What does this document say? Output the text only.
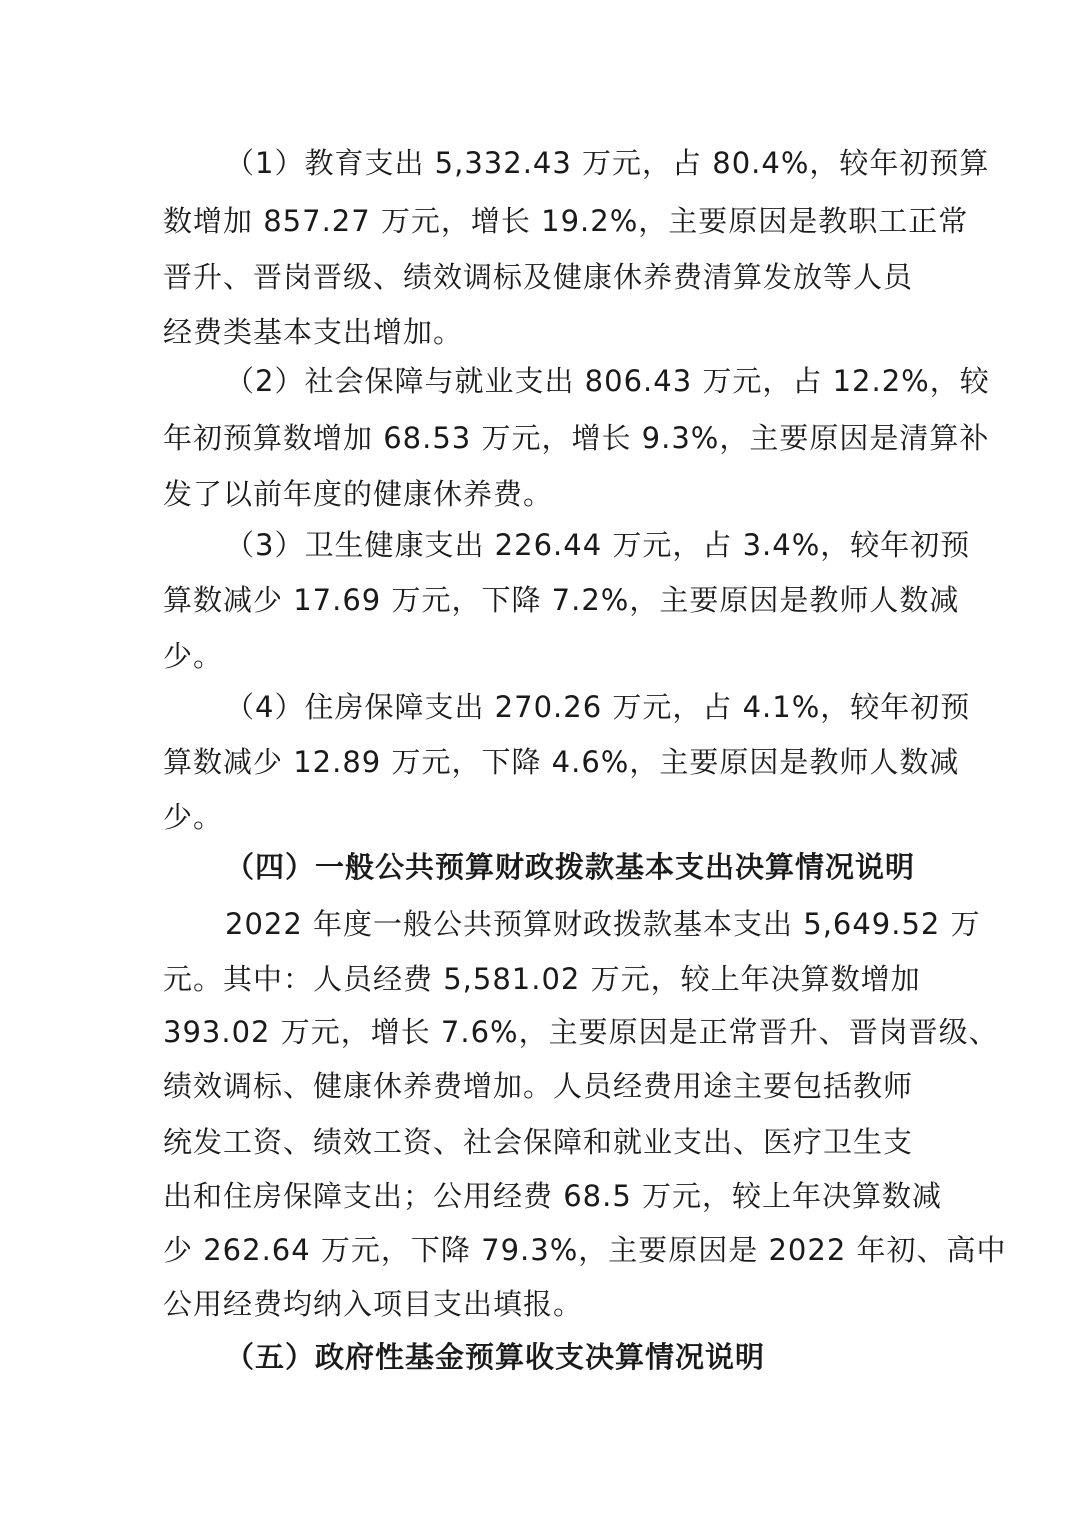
（1）教育支出 5,332.43 万元，占 80.4%，较年初预算
数增加 857.27 万元，增长 19.2%，主要原因是教职工正常
晋升、晋岗晋级、绩效调标及健康休养费清算发放等人员
经费类基本支出增加。
（2）社会保障与就业支出 806.43 万元，占 12.2%，较
年初预算数增加 68.53 万元，增长 9.3%，主要原因是清算补
发了以前年度的健康休养费。
（3）卫生健康支出 226.44 万元，占 3.4%，较年初预
算数减少 17.69 万元，下降 7.2%，主要原因是教师人数减
少。
（4）住房保障支出 270.26 万元，占 4.1%，较年初预
算数减少 12.89 万元，下降 4.6%，主要原因是教师人数减
少。
（四）一般公共预算财政拨款基本支出决算情况说明
2022 年度一般公共预算财政拨款基本支出 5,649.52 万
元。其中：人员经费 5,581.02 万元，较上年决算数增加
393.02 万元，增长 7.6%，主要原因是正常晋升、晋岗晋级、
绩效调标、健康休养费增加。人员经费用途主要包括教师
统发工资、绩效工资、社会保障和就业支出、医疗卫生支
出和住房保障支出；公用经费 68.5 万元，较上年决算数减
少 262.64 万元，下降 79.3%，主要原因是 2022 年初、高中
公用经费均纳入项目支出填报。
（五）政府性基金预算收支决算情况说明
